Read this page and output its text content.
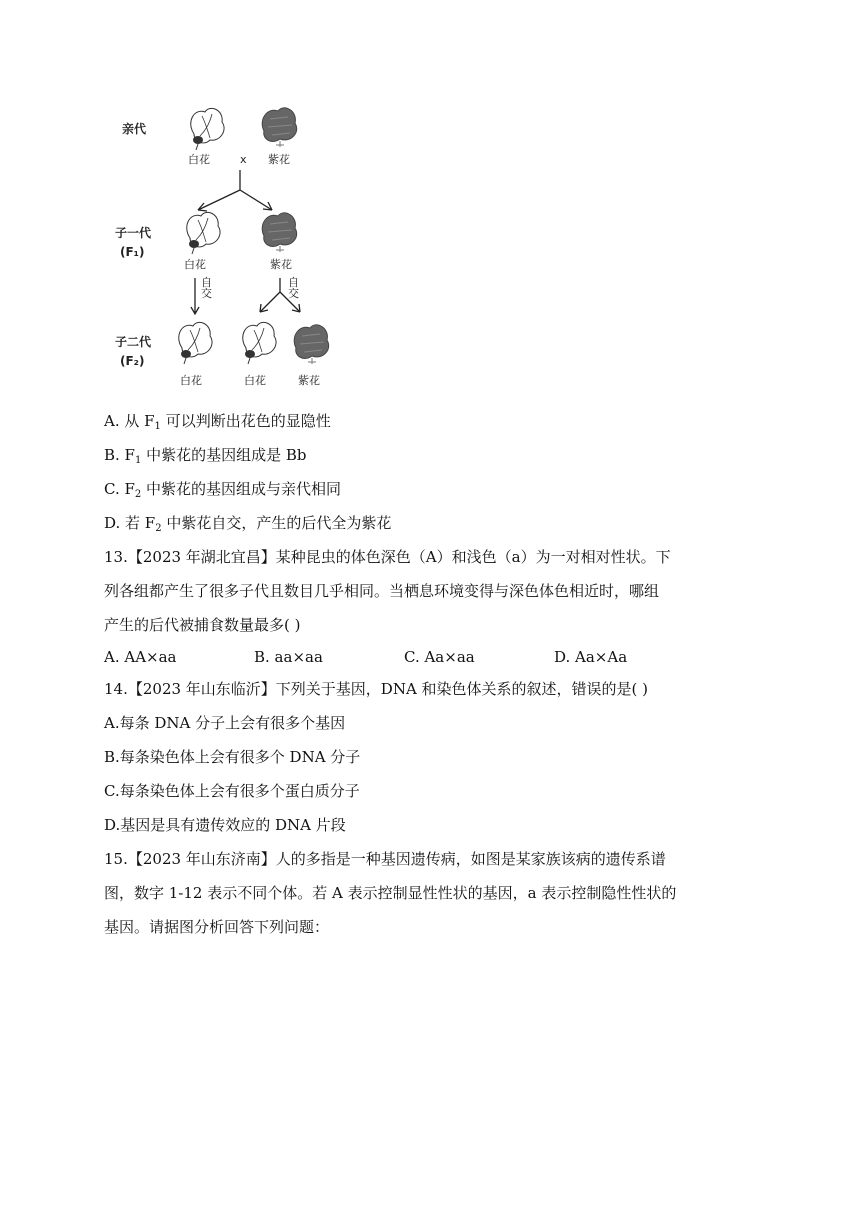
亲代
白花	x 紫花
子一代
(F₁)
白花	紫花
自交
自交
子二代
(F₂)
白花	白花	紫花
A. 从 $F_1$ 可以判断出花色的显隐性
B. $F_1$ 中紫花的基因组成是 Bb
C. $F_2$ 中紫花的基因组成与亲代相同
D. 若 $F_2$ 中紫花自交，产生的后代全为紫花
13.【2023 年湖北宜昌】某种昆虫的体色深色（A）和浅色（a）为一对相对性状。下
列各组都产生了很多子代且数目几乎相同。当栖息环境变得与深色体色相近时，哪组
产生的后代被捕食数量最多( )
A. AA×aa	B. aa×aa	C. Aa×aa	D. Aa×Aa
14.【2023 年山东临沂】下列关于基因，DNA 和染色体关系的叙述，错误的是( )
A.每条 DNA 分子上会有很多个基因
B.每条染色体上会有很多个 DNA 分子
C.每条染色体上会有很多个蛋白质分子
D.基因是具有遗传效应的 DNA 片段
15.【2023 年山东济南】人的多指是一种基因遗传病，如图是某家族该病的遗传系谱
图，数字 1-12 表示不同个体。若 A 表示控制显性性状的基因，a 表示控制隐性性状的
基因。请据图分析回答下列问题：
